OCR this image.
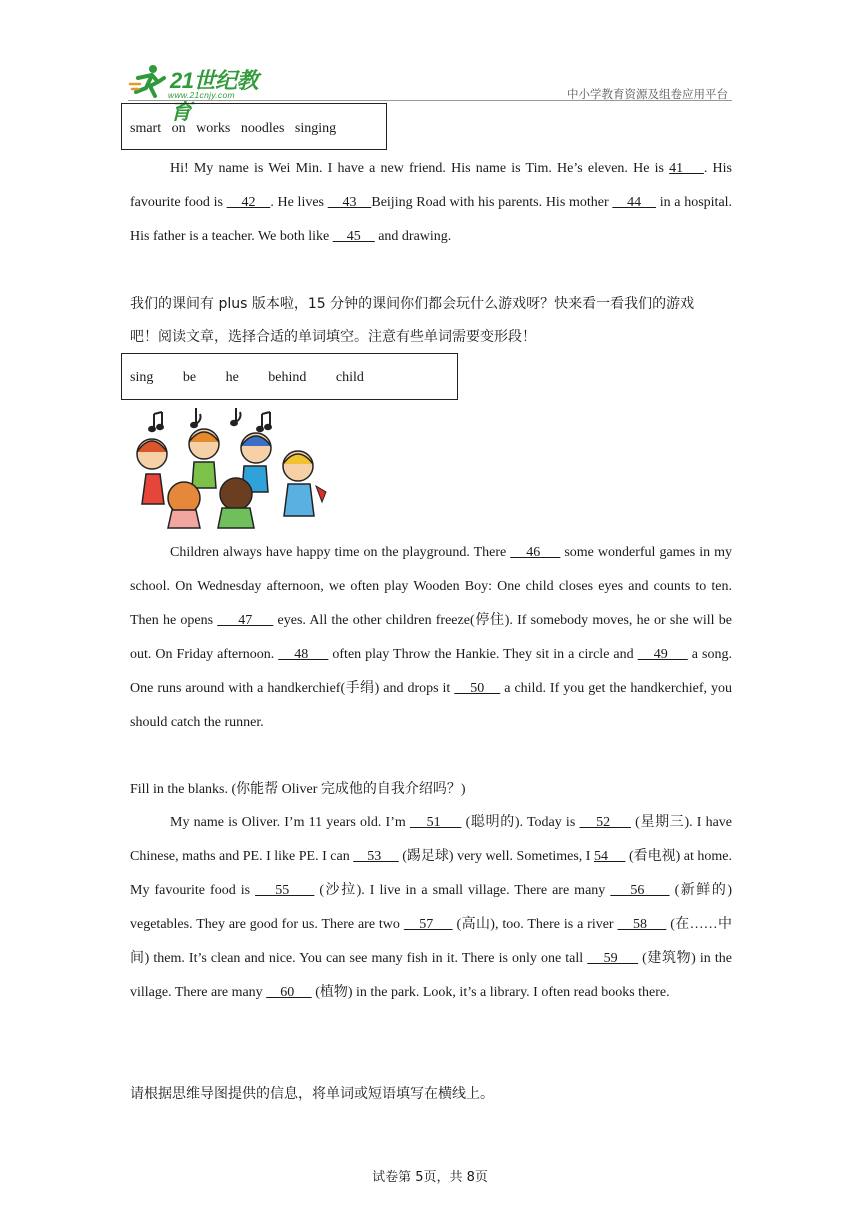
21世纪教育
www.21cnjy.com	中小学教育资源及组卷应用平台
smart on works noodles singing
Hi! My name is Wei Min. I have a new friend. His name is Tim. He’s eleven. He is 41    . His favourite food is     42    . He lives     43    Beijing Road with his parents. His mother     44     in a hospital. His father is a teacher. We both like     45     and drawing.
我们的课间有 plus 版本啦，15 分钟的课间你们都会玩什么游戏呀？快来看一看我们的游戏
吧！阅读文章，选择合适的单词填空。注意有些单词需要变形段！
sing be he behind child
Children always have happy time on the playground. There     46      some wonderful games in my school. On Wednesday afternoon, we often play Wooden Boy: One child closes eyes and counts to ten. Then he opens      47      eyes. All the other children freeze(停住). If somebody moves, he or she will be out. On Friday afternoon.     48      often play Throw the Hankie. They sit in a circle and     49      a song. One runs around with a handkerchief(手绢) and drops it     50     a child. If you get the handkerchief, you should catch the runner.
Fill in the blanks. (你能帮 Oliver 完成他的自我介绍吗？)
My name is Oliver. I’m 11 years old. I’m     51      (聪明的). Today is     52      (星期三). I have Chinese, maths and PE. I like PE. I can     53      (踢足球) very well. Sometimes, I 54      (看电视) at home. My favourite food is     55      (沙拉). I live in a small village. There are many     56      (新鲜的) vegetables. They are good for us. There are two     57      (高山), too. There is a river     58      (在……中间) them. It’s clean and nice. You can see many fish in it. There is only one tall     59      (建筑物) in the village. There are many     60      (植物) in the park. Look, it’s a library. I often read books there.
请根据思维导图提供的信息，将单词或短语填写在横线上。
试卷第 5页，共 8页
